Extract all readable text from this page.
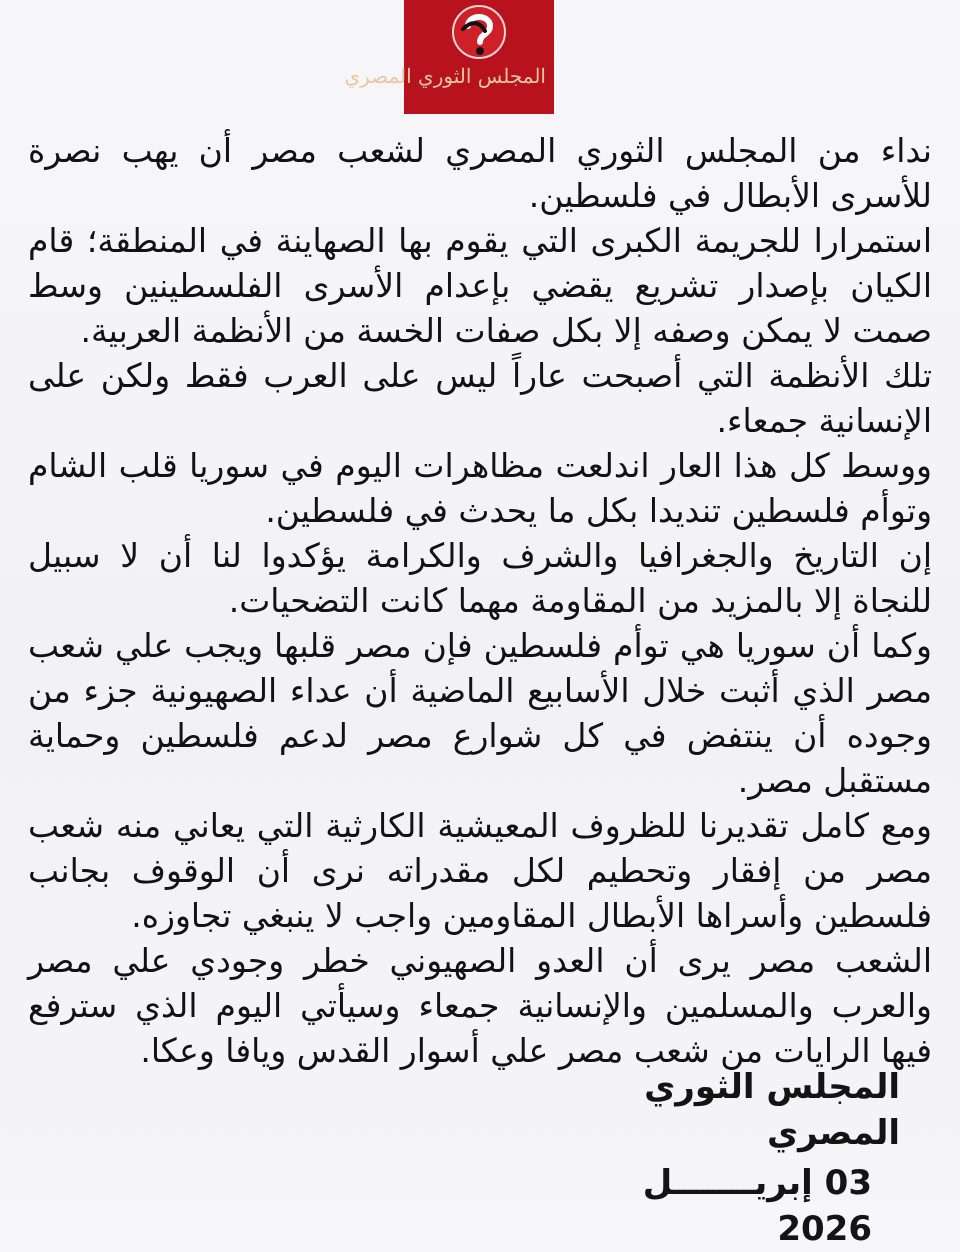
المجلس الثوري المصري

نداء من المجلس الثوري المصري لشعب مصر أن يهب نصرة للأسرى الأبطال في فلسطين.

استمرارا للجريمة الكبرى التي يقوم بها الصهاينة في المنطقة؛ قام الكيان بإصدار تشريع يقضي بإعدام الأسرى الفلسطينين وسط صمت لا يمكن وصفه إلا بكل صفات الخسة من الأنظمة العربية.

تلك الأنظمة التي أصبحت عاراً ليس على العرب فقط ولكن على الإنسانية جمعاء.

ووسط كل هذا العار اندلعت مظاهرات اليوم في سوريا قلب الشام وتوأم فلسطين تنديدا بكل ما يحدث في فلسطين.

إن التاريخ والجغرافيا والشرف والكرامة يؤكدوا لنا أن لا سبيل للنجاة إلا بالمزيد من المقاومة مهما كانت التضحيات.

وكما أن سوريا هي توأم فلسطين فإن مصر قلبها ويجب علي شعب مصر الذي أثبت خلال الأسابيع الماضية أن عداء الصهيونية جزء من وجوده أن ينتفض في كل شوارع مصر لدعم فلسطين وحماية مستقبل مصر.

ومع كامل تقديرنا للظروف المعيشية الكارثية التي يعاني منه شعب مصر من إفقار وتحطيم لكل مقدراته نرى أن الوقوف بجانب فلسطين وأسراها الأبطال المقاومين واجب لا ينبغي تجاوزه.

الشعب مصر يرى أن العدو الصهيوني خطر وجودي علي مصر والعرب والمسلمين والإنسانية جمعاء وسيأتي اليوم الذي سترفع فيها الرايات من شعب مصر علي أسوار القدس ويافا وعكا.

المجلس الثوري المصري
03 إبريـــــــل 2026
